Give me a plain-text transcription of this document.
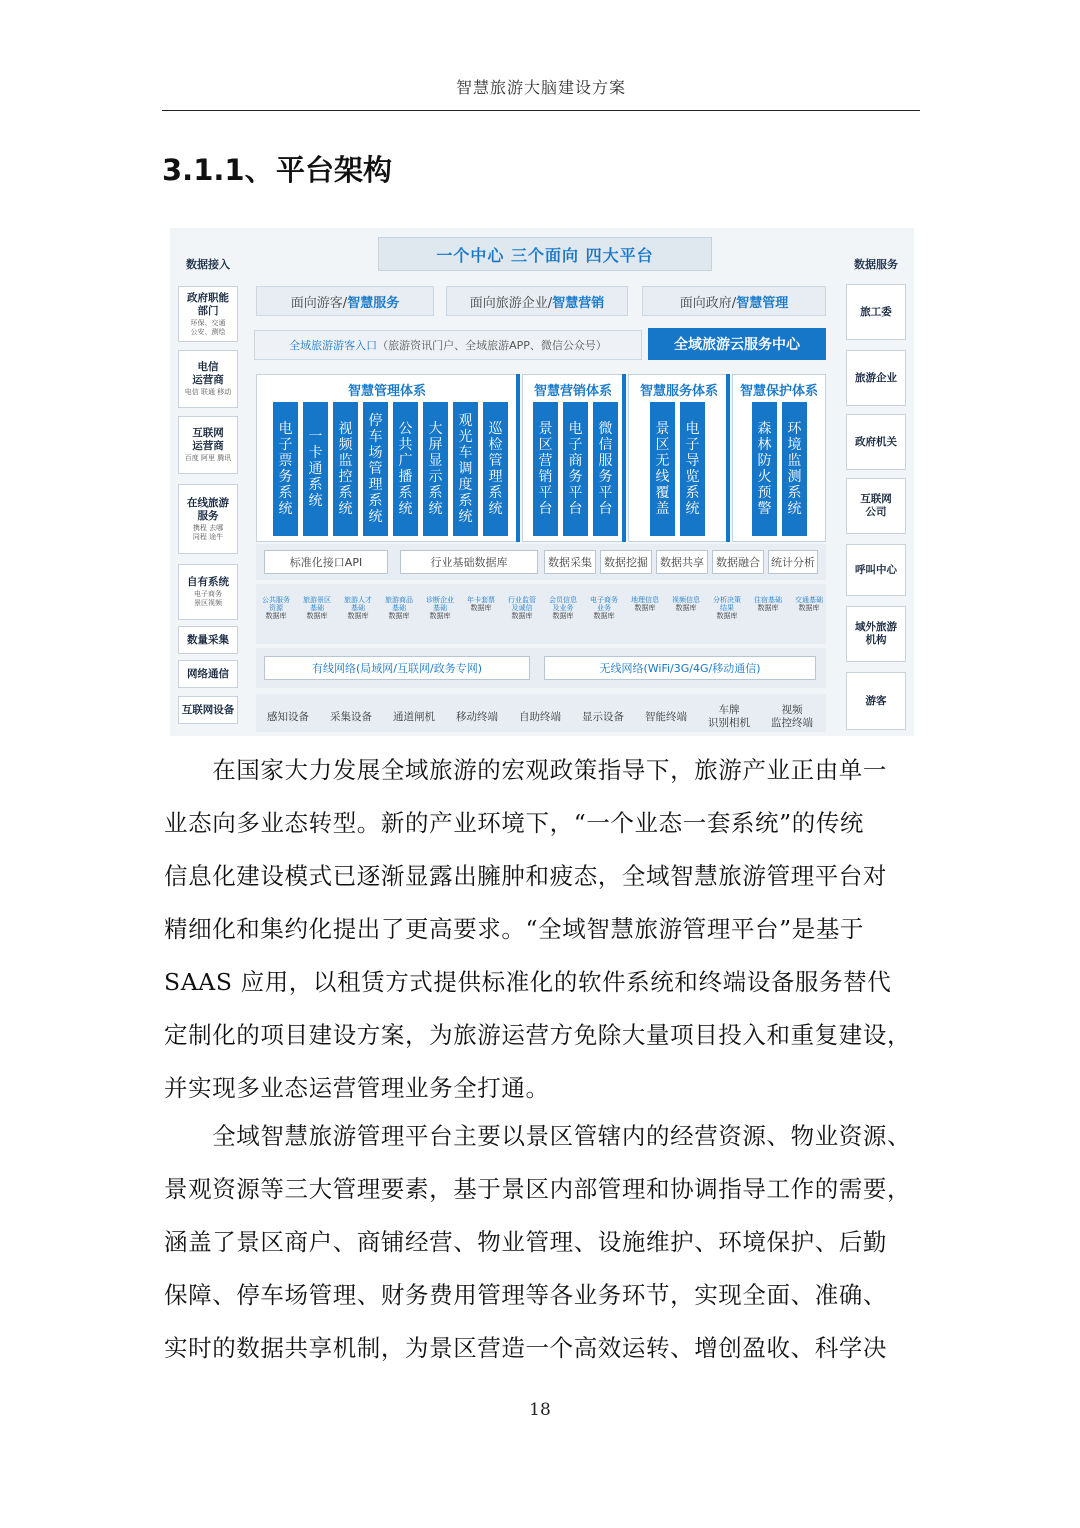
智慧旅游大脑建设方案
3.1.1、平台架构
数据接入	数据服务
一个中心 三个面向 四大平台
面向游客/ 智慧服务	面向旅游企业/ 智慧营销	面向政府/ 智慧管理
全域旅游游客入口 （旅游资讯门户、全域旅游APP、微信公众号）	全域旅游云服务中心
政府职能
部门
环保、交通
公安、测绘
电信
运营商
电信 联通 移动
互联网
运营商
百度 阿里 腾讯
在线旅游
服务
携程 去哪
同程 途牛
自有系统
电子商务
景区视频
数量采集
网络通信
互联网设备
旅工委
旅游企业
政府机关
互联网
公司
呼叫中心
域外旅游
机构
游客
智慧管理体系
电子票务系统
一卡通系统
视频监控系统
停车场管理系统
公共广播系统
大屏显示系统
观光车调度系统
巡检管理系统
智慧营销体系
景区营销平台
电子商务平台
微信服务平台
智慧服务体系
景区无线覆盖
电子导览系统
智慧保护体系
森林防火预警
环境监测系统
标准化接口API	行业基础数据库	数据采集	数据挖掘	数据共享	数据融合	统计分析
公共服务
资源
数据库
旅游景区
基础
数据库
旅游人才
基础
数据库
旅游商品
基础
数据库
诊断企业
基础
数据库
年卡套票
数据库
行业监管
及诚信
数据库
会员信息
及业务
数据库
电子商务
业务
数据库
地理信息
数据库
视频信息
数据库
分析决策
结果
数据库
住宿基础
数据库
交通基础
数据库
有线网络(局域网/互联网/政务专网)	无线网络(WiFi/3G/4G/移动通信)
感知设备	采集设备	通道闸机	移动终端	自助终端	显示设备	智能终端
车牌
识别相机
视频
监控终端
　　在国家大力发展全域旅游的宏观政策指导下，旅游产业正由单一
业态向多业态转型。新的产业环境下，“一个业态一套系统”的传统
信息化建设模式已逐渐显露出臃肿和疲态，全域智慧旅游管理平台对
精细化和集约化提出了更高要求。“全域智慧旅游管理平台”是基于
SAAS 应用，以租赁方式提供标准化的软件系统和终端设备服务替代
定制化的项目建设方案，为旅游运营方免除大量项目投入和重复建设，
并实现多业态运营管理业务全打通。
　　全域智慧旅游管理平台主要以景区管辖内的经营资源、物业资源、
景观资源等三大管理要素，基于景区内部管理和协调指导工作的需要，
涵盖了景区商户、商铺经营、物业管理、设施维护、环境保护、后勤
保障、停车场管理、财务费用管理等各业务环节，实现全面、准确、
实时的数据共享机制，为景区营造一个高效运转、增创盈收、科学决
18
